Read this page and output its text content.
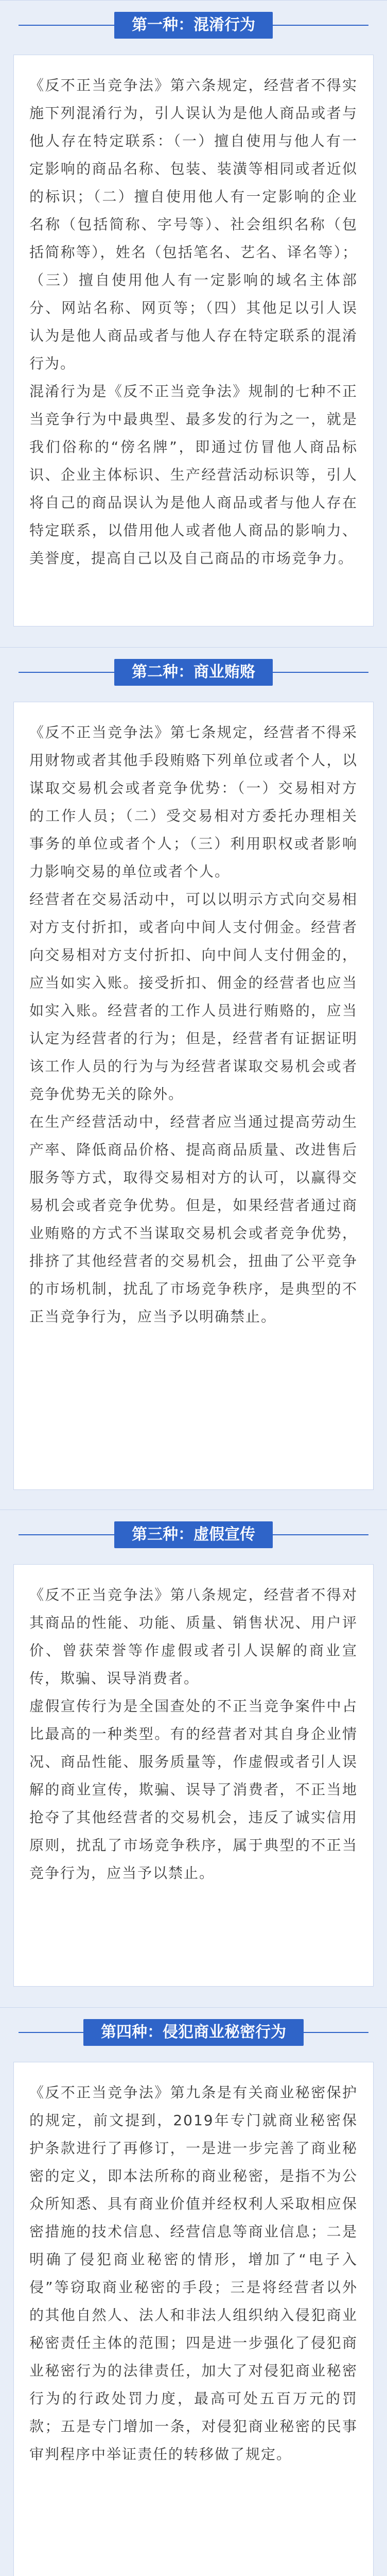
第一种：混淆行为

《反不正当竞争法》第六条规定，经营者不得实施下列混淆行为，引人误认为是他人商品或者与他人存在特定联系：（一）擅自使用与他人有一定影响的商品名称、包装、装潢等相同或者近似的标识；（二）擅自使用他人有一定影响的企业名称（包括简称、字号等）、社会组织名称（包括简称等），姓名（包括笔名、艺名、译名等）；（三）擅自使用他人有一定影响的域名主体部分、网站名称、网页等；（四）其他足以引人误认为是他人商品或者与他人存在特定联系的混淆行为。

混淆行为是《反不正当竞争法》规制的七种不正当竞争行为中最典型、最多发的行为之一，就是我们俗称的“傍名牌”，即通过仿冒他人商品标识、企业主体标识、生产经营活动标识等，引人将自己的商品误认为是他人商品或者与他人存在特定联系，以借用他人或者他人商品的影响力、美誉度，提高自己以及自己商品的市场竞争力。

第二种：商业贿赂

《反不正当竞争法》第七条规定，经营者不得采用财物或者其他手段贿赂下列单位或者个人，以谋取交易机会或者竞争优势：（一）交易相对方的工作人员；（二）受交易相对方委托办理相关事务的单位或者个人；（三）利用职权或者影响力影响交易的单位或者个人。

经营者在交易活动中，可以以明示方式向交易相对方支付折扣，或者向中间人支付佣金。经营者向交易相对方支付折扣、向中间人支付佣金的，应当如实入账。接受折扣、佣金的经营者也应当如实入账。经营者的工作人员进行贿赂的，应当认定为经营者的行为；但是，经营者有证据证明该工作人员的行为与为经营者谋取交易机会或者竞争优势无关的除外。

在生产经营活动中，经营者应当通过提高劳动生产率、降低商品价格、提高商品质量、改进售后服务等方式，取得交易相对方的认可，以赢得交易机会或者竞争优势。但是，如果经营者通过商业贿赂的方式不当谋取交易机会或者竞争优势，排挤了其他经营者的交易机会，扭曲了公平竞争的市场机制，扰乱了市场竞争秩序，是典型的不正当竞争行为，应当予以明确禁止。

第三种：虚假宣传

《反不正当竞争法》第八条规定，经营者不得对其商品的性能、功能、质量、销售状况、用户评价、曾获荣誉等作虚假或者引人误解的商业宣传，欺骗、误导消费者。

虚假宣传行为是全国查处的不正当竞争案件中占比最高的一种类型。有的经营者对其自身企业情况、商品性能、服务质量等，作虚假或者引人误解的商业宣传，欺骗、误导了消费者，不正当地抢夺了其他经营者的交易机会，违反了诚实信用原则，扰乱了市场竞争秩序，属于典型的不正当竞争行为，应当予以禁止。

第四种：侵犯商业秘密行为

《反不正当竞争法》第九条是有关商业秘密保护的规定，前文提到，2019年专门就商业秘密保护条款进行了再修订，一是进一步完善了商业秘密的定义，即本法所称的商业秘密，是指不为公众所知悉、具有商业价值并经权利人采取相应保密措施的技术信息、经营信息等商业信息；二是明确了侵犯商业秘密的情形，增加了“电子入侵”等窃取商业秘密的手段；三是将经营者以外的其他自然人、法人和非法人组织纳入侵犯商业秘密责任主体的范围；四是进一步强化了侵犯商业秘密行为的法律责任，加大了对侵犯商业秘密行为的行政处罚力度，最高可处五百万元的罚款；五是专门增加一条，对侵犯商业秘密的民事审判程序中举证责任的转移做了规定。
